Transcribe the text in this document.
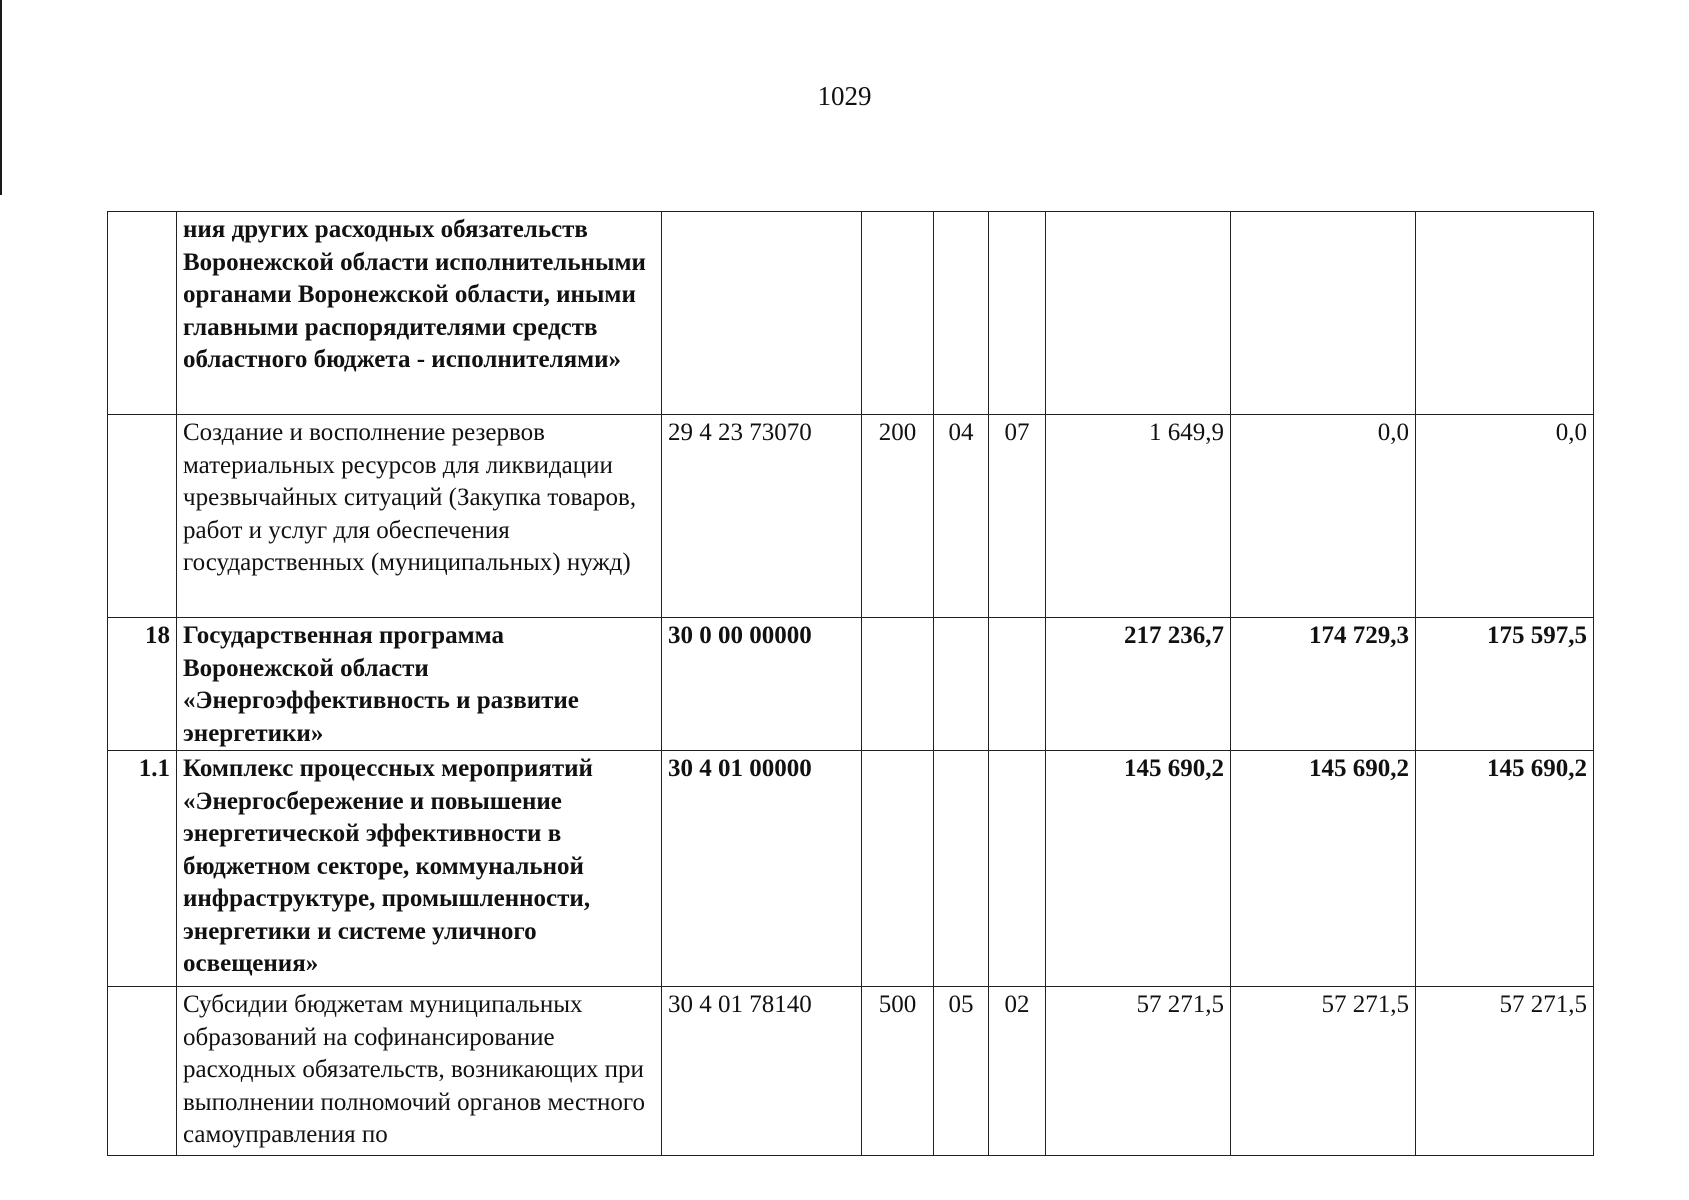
1029
	ния других расходных обязательств Воронежской области исполнительными органами Воронежской области, иными главными распорядителями средств областного бюджета - исполнителями»							
	Создание и восполнение резервов материальных ресурсов для ликвидации чрезвычайных ситуаций (Закупка товаров, работ и услуг для обеспечения государственных (муниципальных) нужд)	29 4 23 73070	200	04	07	1 649,9	0,0	0,0
18	Государственная программа Воронежской области «Энергоэффективность и развитие энергетики»	30 0 00 00000				217 236,7	174 729,3	175 597,5
1.1	Комплекс процессных мероприятий «Энергосбережение и повышение энергетической эффективности в бюджетном секторе, коммунальной инфраструктуре, промышленности, энергетики и системе уличного освещения»	30 4 01 00000				145 690,2	145 690,2	145 690,2
	Субсидии бюджетам муниципальных образований на софинансирование расходных обязательств, возникающих при выполнении полномочий органов местного самоуправления по	30 4 01 78140	500	05	02	57 271,5	57 271,5	57 271,5
